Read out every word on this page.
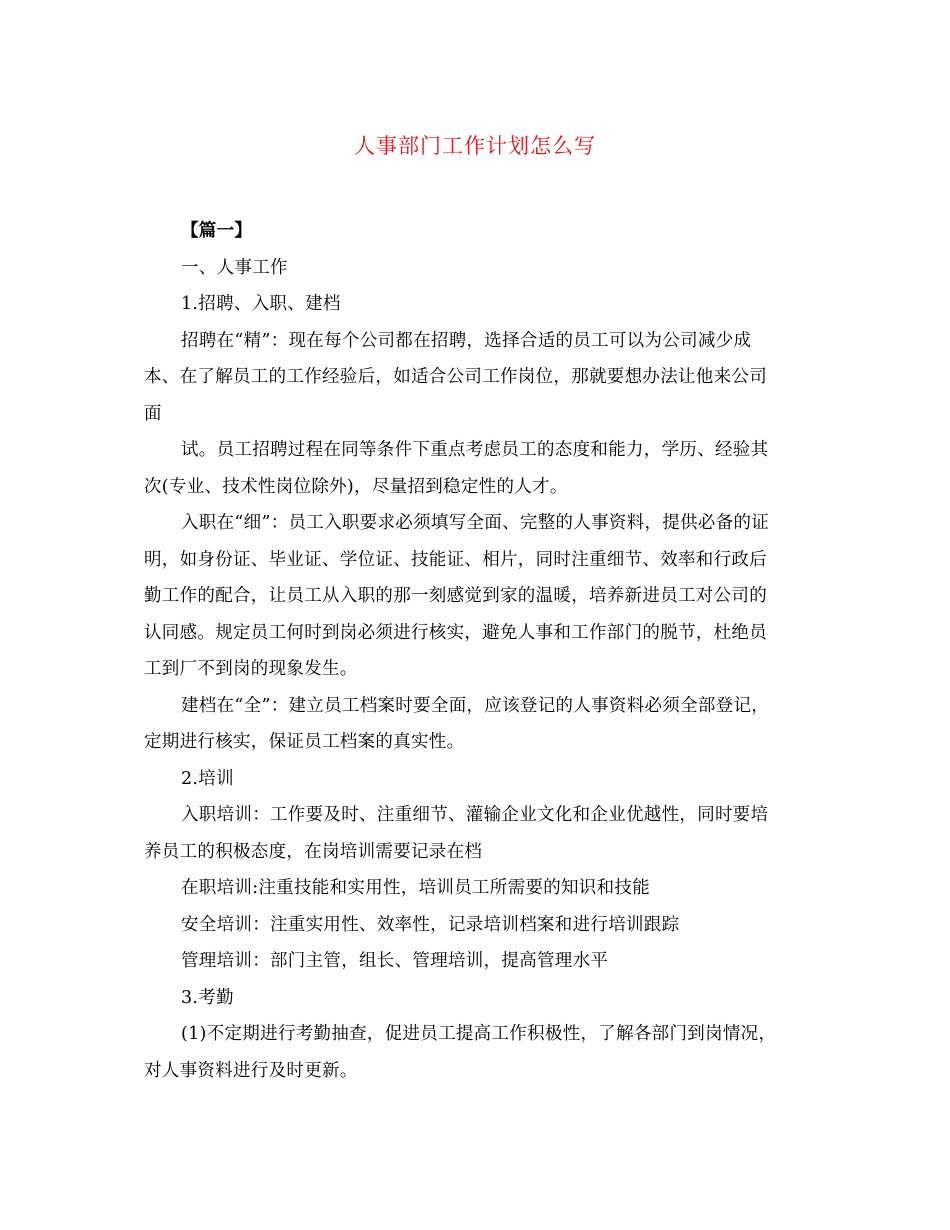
人事部门工作计划怎么写
【篇一】
一、人事工作
1.招聘、入职、建档
招聘在“精”：现在每个公司都在招聘，选择合适的员工可以为公司减少成
本、在了解员工的工作经验后，如适合公司工作岗位，那就要想办法让他来公司
面
试。员工招聘过程在同等条件下重点考虑员工的态度和能力，学历、经验其
次(专业、技术性岗位除外)，尽量招到稳定性的人才。
入职在“细”：员工入职要求必须填写全面、完整的人事资料，提供必备的证
明，如身份证、毕业证、学位证、技能证、相片，同时注重细节、效率和行政后
勤工作的配合，让员工从入职的那一刻感觉到家的温暖，培养新进员工对公司的
认同感。规定员工何时到岗必须进行核实，避免人事和工作部门的脱节，杜绝员
工到厂不到岗的现象发生。
建档在“全”：建立员工档案时要全面，应该登记的人事资料必须全部登记，
定期进行核实，保证员工档案的真实性。
2.培训
入职培训：工作要及时、注重细节、灌输企业文化和企业优越性，同时要培
养员工的积极态度，在岗培训需要记录在档
在职培训:注重技能和实用性，培训员工所需要的知识和技能
安全培训：注重实用性、效率性，记录培训档案和进行培训跟踪
管理培训：部门主管，组长、管理培训，提高管理水平
3.考勤
(1)不定期进行考勤抽查，促进员工提高工作积极性，了解各部门到岗情况，
对人事资料进行及时更新。
